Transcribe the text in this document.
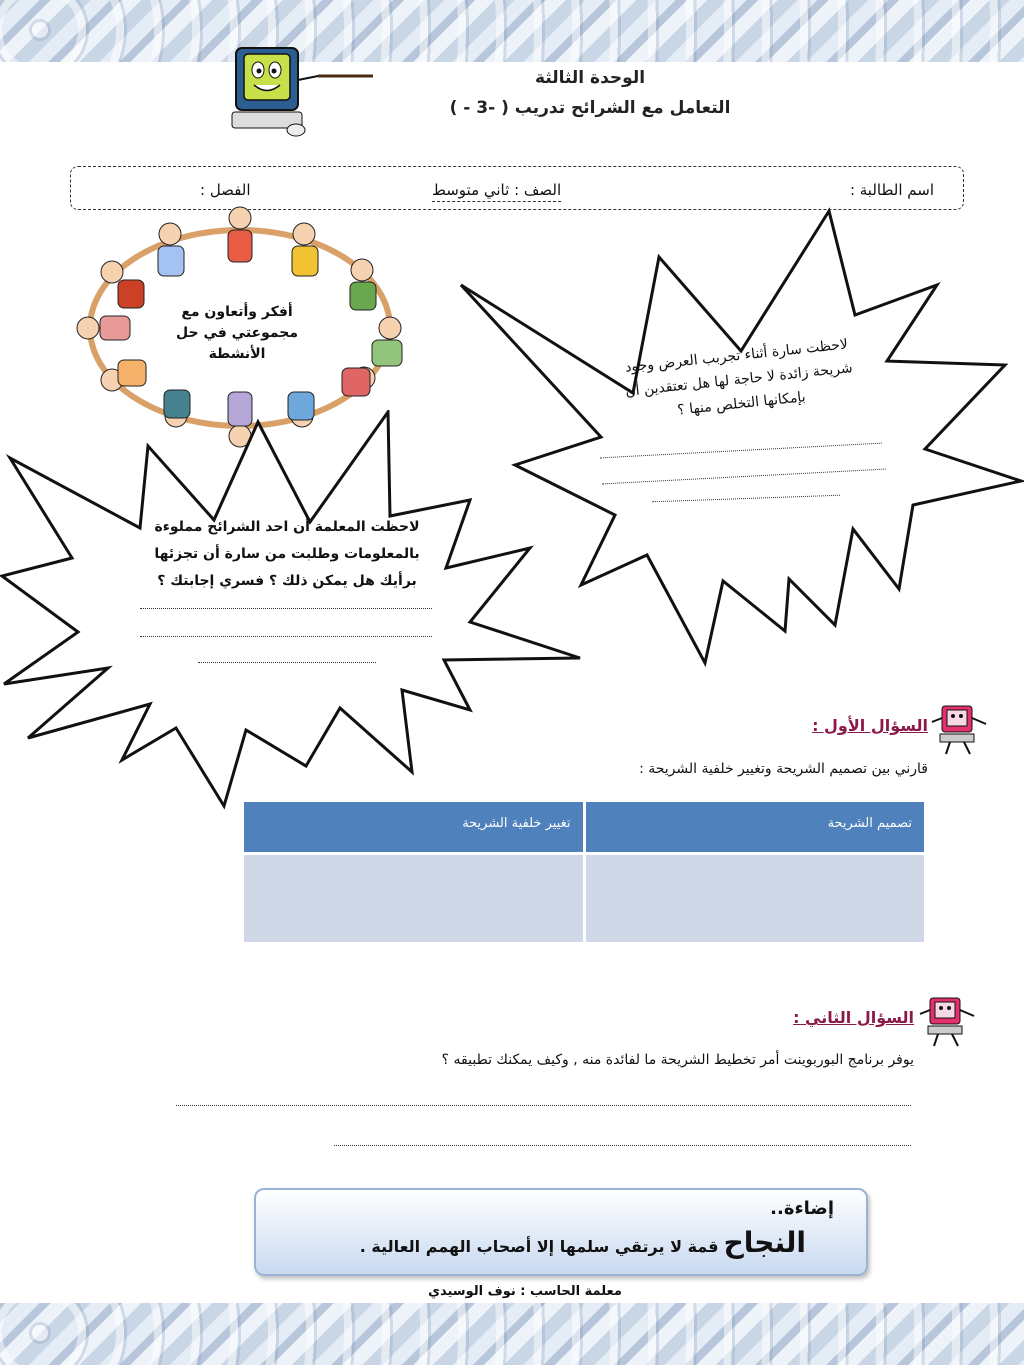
الوحدة الثالثة
التعامل مع الشرائح تدريب ( -3 - )
اسم الطالبة :
الصف : ثاني متوسط
الفصل :
أفكر وأتعاون مع مجموعتي في حل الأنشطة	لاحظت سارة أثناء تجربب العرض وجود شريحة زائدة لا حاجة لها هل تعتقدين أن بإمكانها التخلص منها ؟
لاحظت المعلمة أن احد الشرائح مملوءة بالمعلومات وطلبت من سارة أن تجزئها برأيك هل يمكن ذلك ؟ فسري إجابتك ؟
السؤال الأول :
قارني بين تصميم الشريحة وتغيير خلفية الشريحة :
تصميم الشريحة	تغيير خلفية الشريحة

السؤال الثاني :
يوفر برنامج البوربوينت أمر تخطيط الشريحة ما لفائدة منه , وكيف يمكنك تطبيقه ؟
إضاءة..
النجاح قمة لا يرتقي سلمها إلا أصحاب الهمم العالية .
معلمة الحاسب : نوف الوسيدي
